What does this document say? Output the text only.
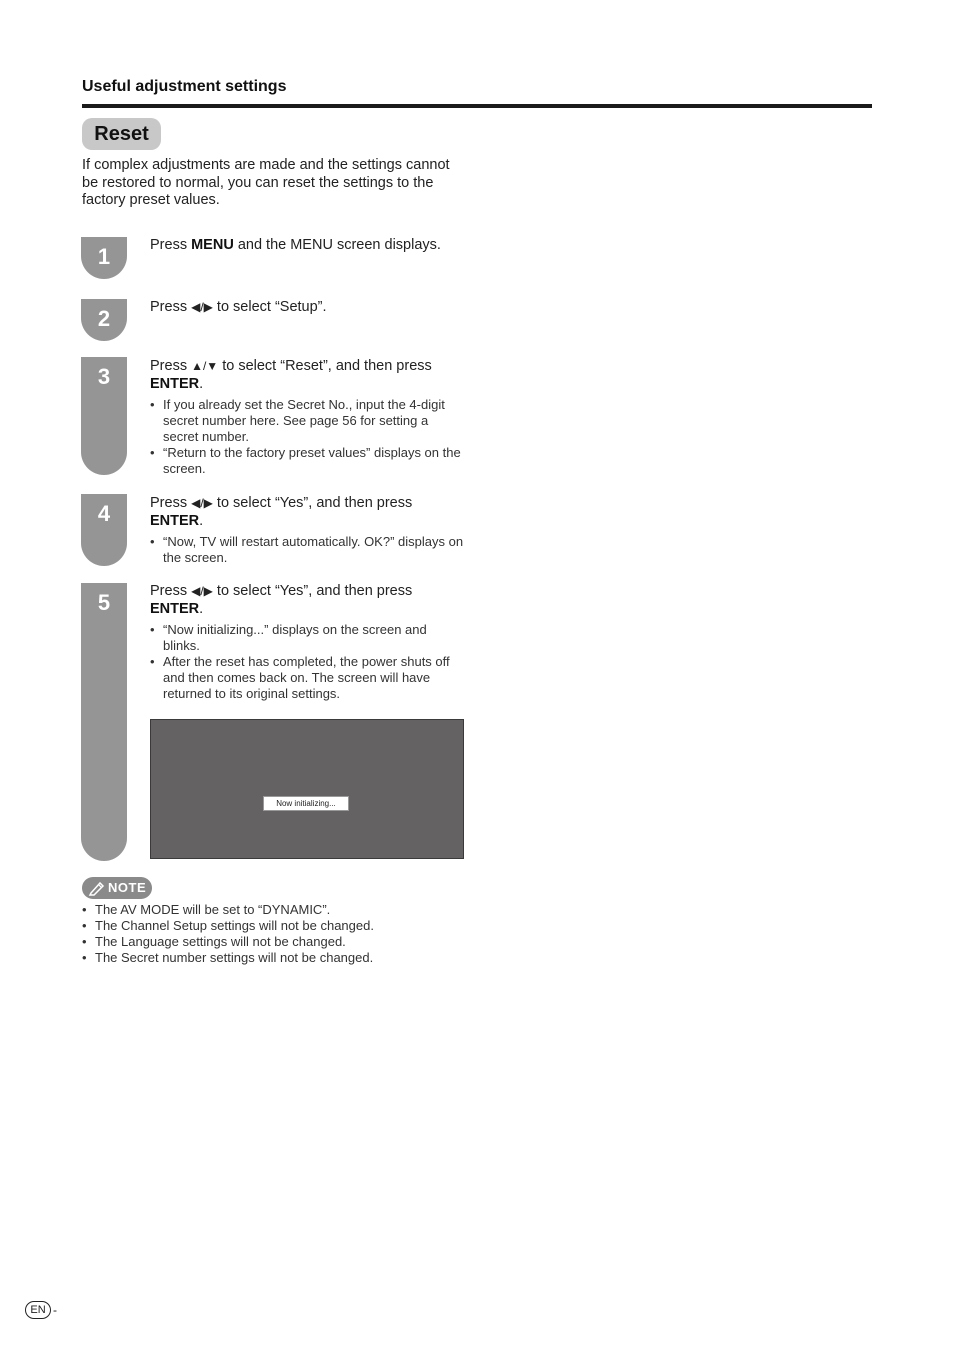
Useful adjustment settings
Reset
If complex adjustments are made and the settings cannot be restored to normal, you can reset the settings to the factory preset values.
1	Press MENU and the MENU screen displays.
2	Press ◀/▶ to select “Setup”.
3	Press ▲/▼ to select “Reset”, and then press ENTER.
• If you already set the Secret No., input the 4-digit secret number here. See page 56 for setting a secret number.
• “Return to the factory preset values” displays on the screen.
4	Press ◀/▶ to select “Yes”, and then press ENTER.
• “Now, TV will restart automatically. OK?” displays on the screen.
5	Press ◀/▶ to select “Yes”, and then press ENTER.
• “Now initializing...” displays on the screen and blinks.
• After the reset has completed, the power shuts off and then comes back on. The screen will have returned to its original settings.
Now initializing...
NOTE
• The AV MODE will be set to “DYNAMIC”.
• The Channel Setup settings will not be changed.
• The Language settings will not be changed.
• The Secret number settings will not be changed.
EN -
